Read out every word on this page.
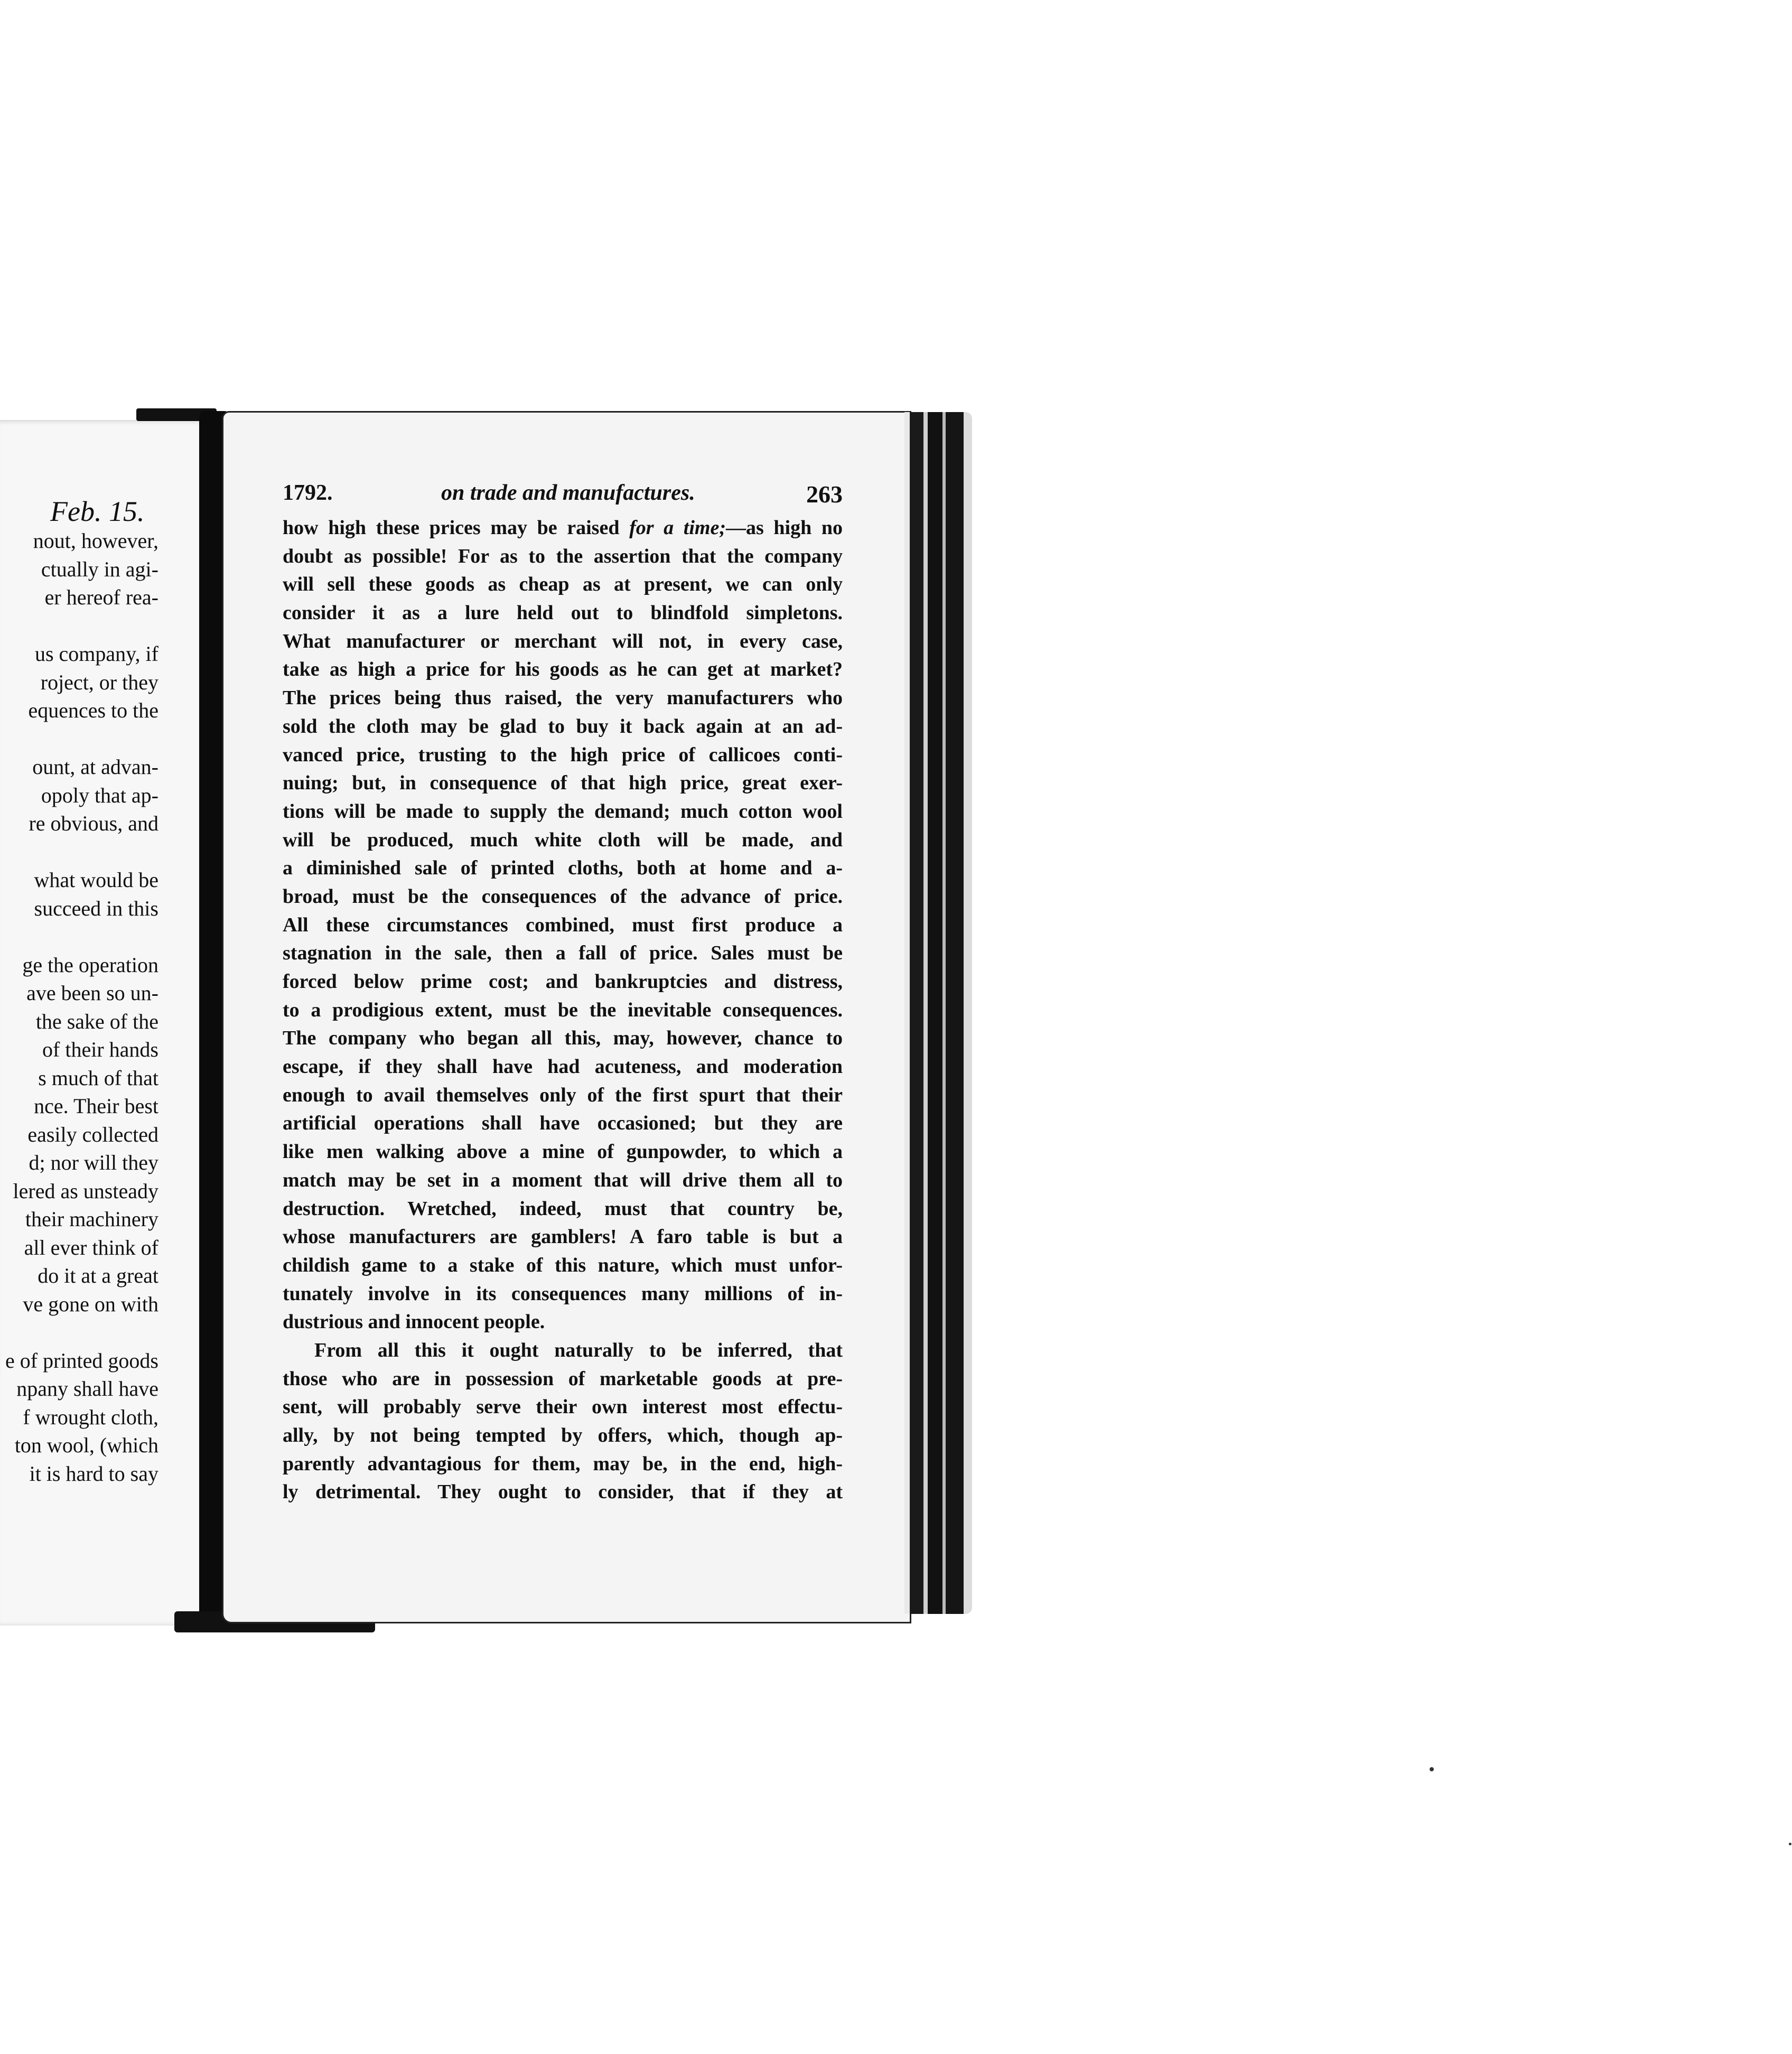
Feb. 15.
nout, however,
ctually in agi-
er hereof rea-
us company, if
roject, or they
equences to the
ount, at advan-
opoly that ap-
re obvious, and
what would be
succeed in this
ge the operation
ave been so un-
the sake of the
of their hands
s much of that
nce. Their best
easily collected
d; nor will they
lered as unsteady
their machinery
all ever think of
do it at a great
ve gone on with
e of printed goods
npany shall have
f wrought cloth,
ton wool, (which
it is hard to say
1792.	on trade and manufactures.	263
how high these prices may be raised for a time;—as high no
doubt as possible! For as to the assertion that the company
will sell these goods as cheap as at present, we can only
consider it as a lure held out to blindfold simpletons.
What manufacturer or merchant will not, in every case,
take as high a price for his goods as he can get at market?
The prices being thus raised, the very manufacturers who
sold the cloth may be glad to buy it back again at an ad-
vanced price, trusting to the high price of callicoes conti-
nuing; but, in consequence of that high price, great exer-
tions will be made to supply the demand; much cotton wool
will be produced, much white cloth will be made, and
a diminished sale of printed cloths, both at home and a-
broad, must be the consequences of the advance of price.
All these circumstances combined, must first produce a
stagnation in the sale, then a fall of price. Sales must be
forced below prime cost; and bankruptcies and distress,
to a prodigious extent, must be the inevitable consequences.
The company who began all this, may, however, chance to
escape, if they shall have had acuteness, and moderation
enough to avail themselves only of the first spurt that their
artificial operations shall have occasioned; but they are
like men walking above a mine of gunpowder, to which a
match may be set in a moment that will drive them all to
destruction. Wretched, indeed, must that country be,
whose manufacturers are gamblers! A faro table is but a
childish game to a stake of this nature, which must unfor-
tunately involve in its consequences many millions of in-
dustrious and innocent people.
From all this it ought naturally to be inferred, that
those who are in possession of marketable goods at pre-
sent, will probably serve their own interest most effectu-
ally, by not being tempted by offers, which, though ap-
parently advantagious for them, may be, in the end, high-
ly detrimental. They ought to consider, that if they at
